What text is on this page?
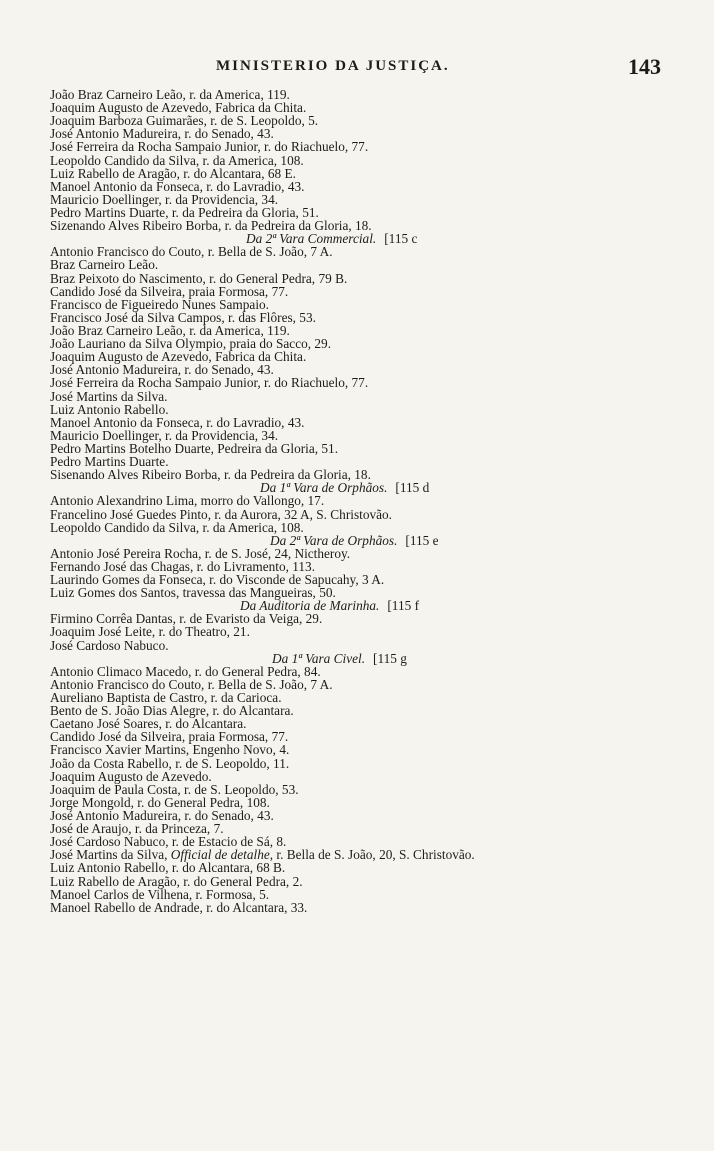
MINISTERIO DA JUSTIÇA.	143
João Braz Carneiro Leão, r. da America, 119.
Joaquim Augusto de Azevedo, Fabrica da Chita.
Joaquim Barboza Guimarães, r. de S. Leopoldo, 5.
José Antonio Madureira, r. do Senado, 43.
José Ferreira da Rocha Sampaio Junior, r. do Riachuelo, 77.
Leopoldo Candido da Silva, r. da America, 108.
Luiz Rabello de Aragão, r. do Alcantara, 68 E.
Manoel Antonio da Fonseca, r. do Lavradio, 43.
Mauricio Doellinger, r. da Providencia, 34.
Pedro Martins Duarte, r. da Pedreira da Gloria, 51.
Sizenando Alves Ribeiro Borba, r. da Pedreira da Gloria, 18.
Da 2ª Vara Commercial. [115 c
Antonio Francisco do Couto, r. Bella de S. João, 7 A.
Braz Carneiro Leão.
Braz Peixoto do Nascimento, r. do General Pedra, 79 B.
Candido José da Silveira, praia Formosa, 77.
Francisco de Figueiredo Nunes Sampaio.
Francisco José da Silva Campos, r. das Flôres, 53.
João Braz Carneiro Leão, r. da America, 119.
João Lauriano da Silva Olympio, praia do Sacco, 29.
Joaquim Augusto de Azevedo, Fabrica da Chita.
José Antonio Madureira, r. do Senado, 43.
José Ferreira da Rocha Sampaio Junior, r. do Riachuelo, 77.
José Martins da Silva.
Luiz Antonio Rabello.
Manoel Antonio da Fonseca, r. do Lavradio, 43.
Mauricio Doellinger, r. da Providencia, 34.
Pedro Martins Botelho Duarte, Pedreira da Gloria, 51.
Pedro Martins Duarte.
Sisenando Alves Ribeiro Borba, r. da Pedreira da Gloria, 18.
Da 1ª Vara de Orphãos. [115 d
Antonio Alexandrino Lima, morro do Vallongo, 17.
Francelino José Guedes Pinto, r. da Aurora, 32 A, S. Christovão.
Leopoldo Candido da Silva, r. da America, 108.
Da 2ª Vara de Orphãos. [115 e
Antonio José Pereira Rocha, r. de S. José, 24, Nictheroy.
Fernando José das Chagas, r. do Livramento, 113.
Laurindo Gomes da Fonseca, r. do Visconde de Sapucahy, 3 A.
Luiz Gomes dos Santos, travessa das Mangueiras, 50.
Da Auditoria de Marinha. [115 f
Firmino Corrêa Dantas, r. de Evaristo da Veiga, 29.
Joaquim José Leite, r. do Theatro, 21.
José Cardoso Nabuco.
Da 1ª Vara Civel. [115 g
Antonio Climaco Macedo, r. do General Pedra, 84.
Antonio Francisco do Couto, r. Bella de S. João, 7 A.
Aureliano Baptista de Castro, r. da Carioca.
Bento de S. João Dias Alegre, r. do Alcantara.
Caetano José Soares, r. do Alcantara.
Candido José da Silveira, praia Formosa, 77.
Francisco Xavier Martins, Engenho Novo, 4.
João da Costa Rabello, r. de S. Leopoldo, 11.
Joaquim Augusto de Azevedo.
Joaquim de Paula Costa, r. de S. Leopoldo, 53.
Jorge Mongold, r. do General Pedra, 108.
José Antonio Madureira, r. do Senado, 43.
José de Araujo, r. da Princeza, 7.
José Cardoso Nabuco, r. de Estacio de Sá, 8.
José Martins da Silva, Official de detalhe, r. Bella de S. João, 20, S. Christovão.
Luiz Antonio Rabello, r. do Alcantara, 68 B.
Luiz Rabello de Aragão, r. do General Pedra, 2.
Manoel Carlos de Vilhena, r. Formosa, 5.
Manoel Rabello de Andrade, r. do Alcantara, 33.
